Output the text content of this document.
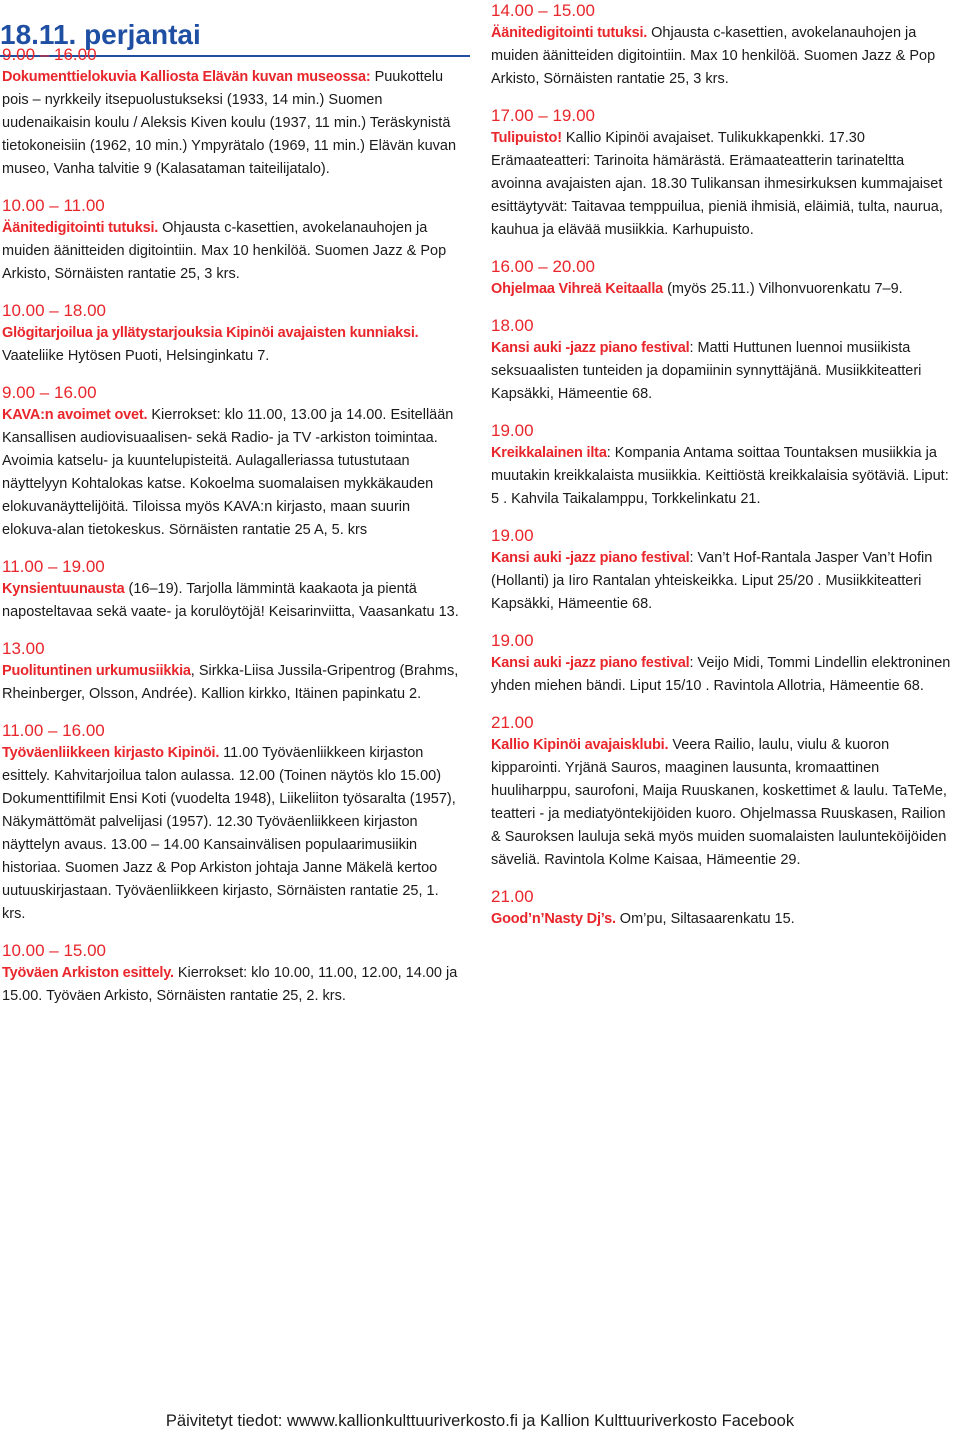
18.11. perjantai
9.00 – 16.00
Dokumenttielokuvia Kalliosta Elävän kuvan museossa: Puukottelu pois – nyrkkeily itsepuolustukseksi (1933, 14 min.) Suomen uudenaikaisin koulu / Aleksis Kiven koulu (1937, 11 min.) Teräskynistä tietokoneisiin (1962, 10 min.) Ympyrätalo (1969, 11 min.) Elävän kuvan museo, Vanha talvitie 9 (Kalasataman taiteilijatalo).
10.00 – 11.00
Äänitedigitointi tutuksi. Ohjausta c-kasettien, avokelanauhojen ja muiden äänitteiden digitointiin. Max 10 henkilöä. Suomen Jazz & Pop Arkisto, Sörnäisten rantatie 25, 3 krs.
10.00 – 18.00
Glögitarjoilua ja yllätystarjouksia Kipinöi avajaisten kunniaksi. Vaateliike Hytösen Puoti, Helsinginkatu 7.
9.00 – 16.00
KAVA:n avoimet ovet. Kierrokset: klo 11.00, 13.00 ja 14.00. Esitellään Kansallisen audiovisuaalisen- sekä Radio- ja TV -arkiston toimintaa. Avoimia katselu- ja kuuntelupisteitä. Aulagalleriassa tutustutaan näyttelyyn Kohtalokas katse. Kokoelma suomalaisen mykkäkauden elokuvanäyttelijöitä. Tiloissa myös KAVA:n kirjasto, maan suurin elokuva-alan tietokeskus. Sörnäisten rantatie 25 A, 5. krs
11.00 – 19.00
Kynsientuunausta (16–19). Tarjolla lämmintä kaakaota ja pientä naposteltavaa sekä vaate- ja korulöytöjä! Keisarinviitta, Vaasankatu 13.
13.00
Puolituntinen urkumusiikkia, Sirkka-Liisa Jussila-Gripentrog (Brahms, Rheinberger, Olsson, Andrée). Kallion kirkko, Itäinen papinkatu 2.
11.00 – 16.00
Työväenliikkeen kirjasto Kipinöi. 11.00 Työväenliikkeen kirjaston esittely. Kahvitarjoilua talon aulassa. 12.00 (Toinen näytös klo 15.00) Dokumenttifilmit Ensi Koti (vuodelta 1948), Liikeliiton työsaralta (1957), Näkymättömät palvelijasi (1957). 12.30 Työväenliikkeen kirjaston näyttelyn avaus. 13.00 – 14.00 Kansainvälisen populaarimusiikin historiaa. Suomen Jazz & Pop Arkiston johtaja Janne Mäkelä kertoo uutuuskirjastaan. Työväenliikkeen kirjasto, Sörnäisten rantatie 25, 1. krs.
10.00 – 15.00
Työväen Arkiston esittely. Kierrokset: klo 10.00, 11.00, 12.00, 14.00 ja 15.00. Työväen Arkisto, Sörnäisten rantatie 25, 2. krs.
14.00 – 15.00
Äänitedigitointi tutuksi. Ohjausta c-kasettien, avokelanauhojen ja muiden äänitteiden digitointiin. Max 10 henkilöä. Suomen Jazz & Pop Arkisto, Sörnäisten rantatie 25, 3 krs.
17.00 – 19.00
Tulipuisto! Kallio Kipinöi avajaiset. Tulikukkapenkki. 17.30 Erämaateatteri: Tarinoita hämärästä. Erämaateatterin tarinateltta avoinna avajaisten ajan. 18.30 Tulikansan ihmesirkuksen kummajaiset esittäytyvät: Taitavaa temppuilua, pieniä ihmisiä, eläimiä, tulta, naurua, kauhua ja elävää musiikkia. Karhupuisto.
16.00 – 20.00
Ohjelmaa Vihreä Keitaalla (myös 25.11.) Vilhonvuorenkatu 7–9.
18.00
Kansi auki -jazz piano festival: Matti Huttunen luennoi musiikista seksuaalisten tunteiden ja dopamiinin synnyttäjänä. Musiikkiteatteri Kapsäkki, Hämeentie 68.
19.00
Kreikkalainen ilta: Kompania Antama soittaa Tountaksen musiikkia ja muutakin kreikkalaista musiikkia. Keittiöstä kreikkalaisia syötäviä. Liput: 5 . Kahvila Taikalamppu, Torkkelinkatu 21.
19.00
Kansi auki -jazz piano festival: Van’t Hof-Rantala Jasper Van’t Hofin (Hollanti) ja Iiro Rantalan yhteiskeikka. Liput 25/20 . Musiikkiteatteri Kapsäkki, Hämeentie 68.
19.00
Kansi auki -jazz piano festival: Veijo Midi, Tommi Lindellin elektroninen yhden miehen bändi. Liput 15/10 . Ravintola Allotria, Hämeentie 68.
21.00
Kallio Kipinöi avajaisklubi. Veera Railio, laulu, viulu & kuoron kipparointi. Yrjänä Sauros, maaginen lausunta, kromaattinen huuliharppu, saurofoni, Maija Ruuskanen, koskettimet & laulu. TaTeMe, teatteri - ja mediatyöntekijöiden kuoro. Ohjelmassa Ruuskasen, Railion & Sauroksen lauluja sekä myös muiden suomalaisten laulunteköijöiden säveliä. Ravintola Kolme Kaisaa, Hämeentie 29.
21.00
Good’n’Nasty Dj’s. Om’pu, Siltasaarenkatu 15.
Päivitetyt tiedot: wwww.kallionkulttuuriverkosto.fi ja Kallion Kulttuuriverkosto Facebook
